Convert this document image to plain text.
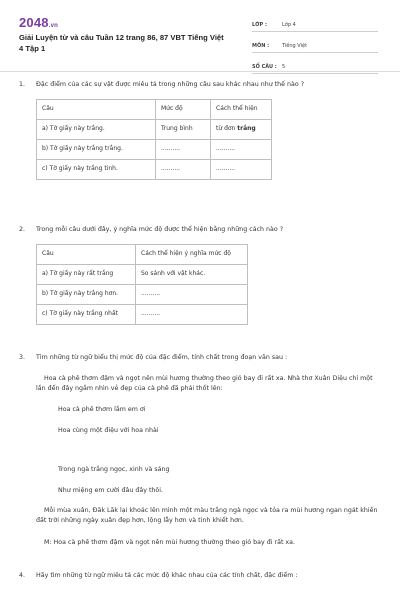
2048.vn
Giải Luyện từ và câu Tuần 12 trang 86, 87 VBT Tiếng Việt 4 Tập 1
LỚP :	Lớp 4
MÔN :	Tiếng Việt
SỐ CÂU :	5
1. Đặc điểm của các sự vật được miêu tả trong những câu sau khác nhau như thế nào ?
Câu	Mức độ	Cách thể hiện
a) Tờ giấy này trắng.	Trung bình	từ đơn trắng
b) Tờ giấy này trắng trắng.	..........	..........
c) Tờ giấy này trắng tinh.	..........	..........
2. Trong mỗi câu dưới đây, ý nghĩa mức độ được thể hiện bằng những cách nào ?
Câu	Cách thể hiện ý nghĩa mức độ
a) Tờ giấy này rất trắng	So sánh với vật khác.
b) Tờ giấy này trắng hơn.	..........
c) Tờ giấy này trắng nhất	..........
3. Tìm những từ ngữ biểu thị mức độ của đặc điểm, tính chất trong đoạn văn sau :
Hoa cà phê thơm đậm và ngọt nên mùi hương thường theo gió bay đi rất xa. Nhà thơ Xuân Diệu chỉ một lần đến đây ngắm nhìn vẻ đẹp của cà phê đã phải thốt lên:
Hoa cà phê thơm lắm em ơi
Hoa cùng một điệu với hoa nhài
Trong ngà trắng ngọc, xinh và sáng
Như miệng em cười đâu đây thôi.
Mỗi mùa xuân, Đăk Lăk lại khoác lên mình một màu trắng ngà ngọc và tỏa ra mùi hương ngan ngát khiến đất trời những ngày xuân đẹp hơn, lộng lẫy hơn và tinh khiết hơn.
M: Hoa cà phê thơm đậm và ngọt nên mùi hương thường theo gió bay đi rất xa.
4. Hãy tìm những từ ngữ miêu tả các mức độ khác nhau của các tính chất, đặc điểm :
